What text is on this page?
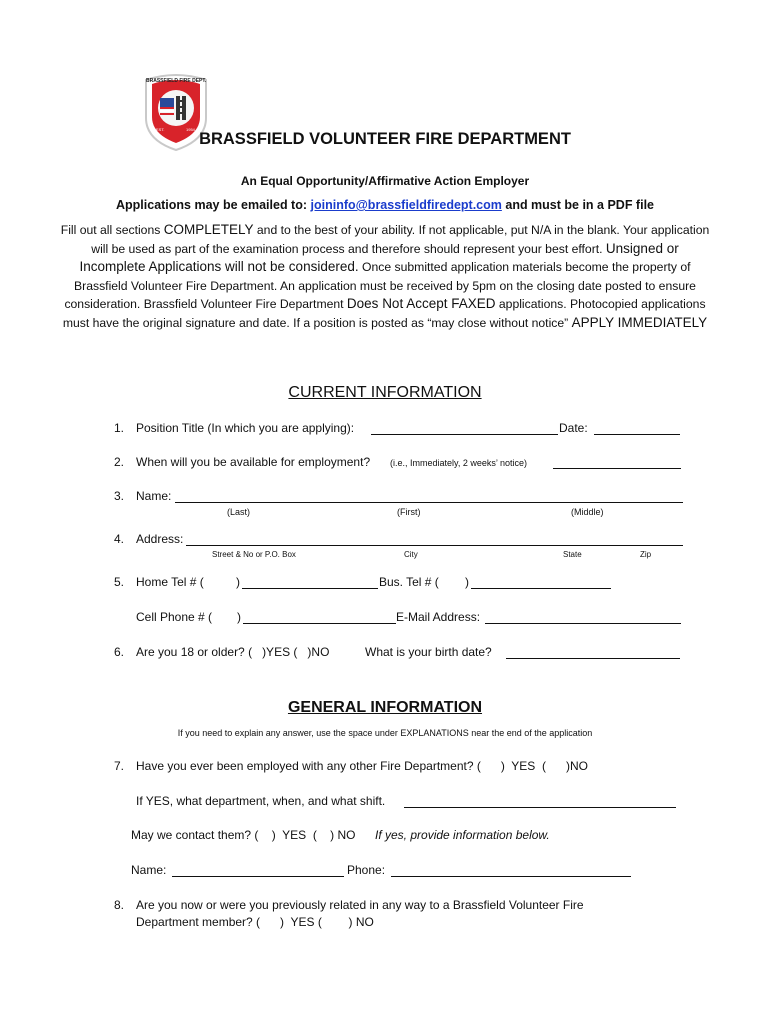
BRASSFIELD FIRE DEPT.
EST.	1954
BRASSFIELD VOLUNTEER FIRE DEPARTMENT
An Equal Opportunity/Affirmative Action Employer
Applications may be emailed to: joininfo@brassfieldfiredept.com and must be in a PDF file
Fill out all sections COMPLETELY and to the best of your ability. If not applicable, put N/A in the blank. Your application will be used as part of the examination process and therefore should represent your best effort. Unsigned or Incomplete Applications will not be considered. Once submitted application materials become the property of Brassfield Volunteer Fire Department. An application must be received by 5pm on the closing date posted to ensure consideration. Brassfield Volunteer Fire Department Does Not Accept FAXED applications. Photocopied applications must have the original signature and date. If a position is posted as “may close without notice” APPLY IMMEDIATELY
CURRENT INFORMATION
1. Position Title (In which you are applying):	Date:
2. When will you be available for employment? (i.e., Immediately, 2 weeks’ notice)
3. Name:
(Last)	(First)	(Middle)
4. Address:
Street & No or P.O. Box	City	State	Zip
5. Home Tel # (	)	Bus. Tel # ( )
Cell Phone # ( )	E-Mail Address:
6. Are you 18 or older? (   )YES (   )NO	What is your birth date?
GENERAL INFORMATION
If you need to explain any answer, use the space under EXPLANATIONS near the end of the application
7. Have you ever been employed with any other Fire Department? (      )  YES  (      )NO
If YES, what department, when, and what shift.
May we contact them? (    )  YES  (    ) NO If yes, provide information below.
Name:	Phone:
8. Are you now or were you previously related in any way to a Brassfield Volunteer Fire
Department member? (      )  YES (        ) NO
